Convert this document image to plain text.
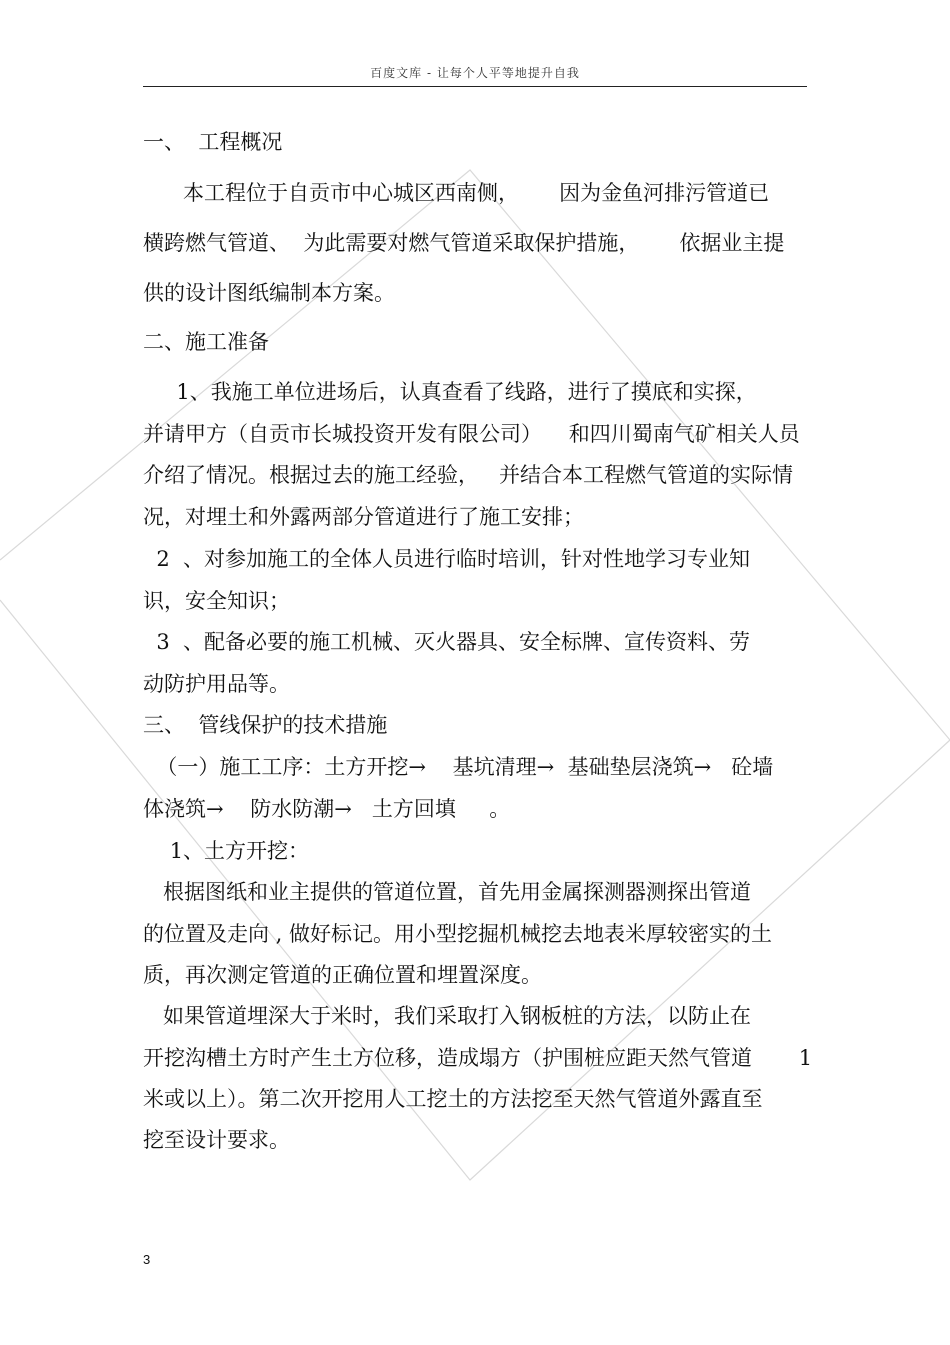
百度文库 - 让每个人平等地提升自我
一、  工程概况
本工程位于自贡市中心城区西南侧，      因为金鱼河排污管道已
横跨燃气管道、  为此需要对燃气管道采取保护措施，      依据业主提
供的设计图纸编制本方案。
二、施工准备
1、我施工单位进场后，认真查看了线路，进行了摸底和实探，
并请甲方（自贡市长城投资开发有限公司）    和四川蜀南气矿相关人员
介绍了情况。根据过去的施工经验，   并结合本工程燃气管道的实际情
况，对埋土和外露两部分管道进行了施工安排；
2  、对参加施工的全体人员进行临时培训，针对性地学习专业知
识，安全知识；
3  、配备必要的施工机械、灭火器具、安全标牌、宣传资料、劳
动防护用品等。
三、  管线保护的技术措施
（一）施工工序：土方开挖→    基坑清理→  基础垫层浇筑→   砼墙
体浇筑→    防水防潮→   土方回填     。
1、土方开挖：
根据图纸和业主提供的管道位置，首先用金属探测器测探出管道
的位置及走向 , 做好标记。用小型挖掘机械挖去地表米厚较密实的土
质，再次测定管道的正确位置和埋置深度。
如果管道埋深大于米时，我们采取打入钢板桩的方法，以防止在
开挖沟槽土方时产生土方位移，造成塌方（护围桩应距天然气管道       1
米或以上）。第二次开挖用人工挖土的方法挖至天然气管道外露直至
挖至设计要求。
3
